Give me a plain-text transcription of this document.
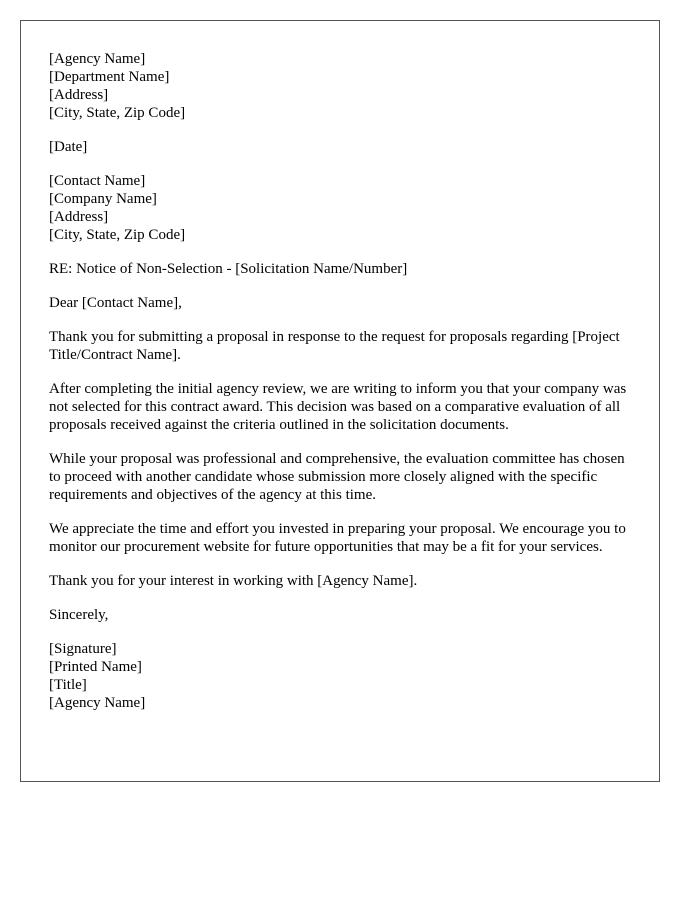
[Agency Name]
[Department Name]
[Address]
[City, State, Zip Code]
[Date]
[Contact Name]
[Company Name]
[Address]
[City, State, Zip Code]

RE: Notice of Non-Selection - [Solicitation Name/Number]

Dear [Contact Name],

Thank you for submitting a proposal in response to the request for proposals regarding [Project Title/Contract Name].

After completing the initial agency review, we are writing to inform you that your company was not selected for this contract award. This decision was based on a comparative evaluation of all proposals received against the criteria outlined in the solicitation documents.

While your proposal was professional and comprehensive, the evaluation committee has chosen to proceed with another candidate whose submission more closely aligned with the specific requirements and objectives of the agency at this time.

We appreciate the time and effort you invested in preparing your proposal. We encourage you to monitor our procurement website for future opportunities that may be a fit for your services.

Thank you for your interest in working with [Agency Name].

Sincerely,

[Signature]
[Printed Name]
[Title]
[Agency Name]
